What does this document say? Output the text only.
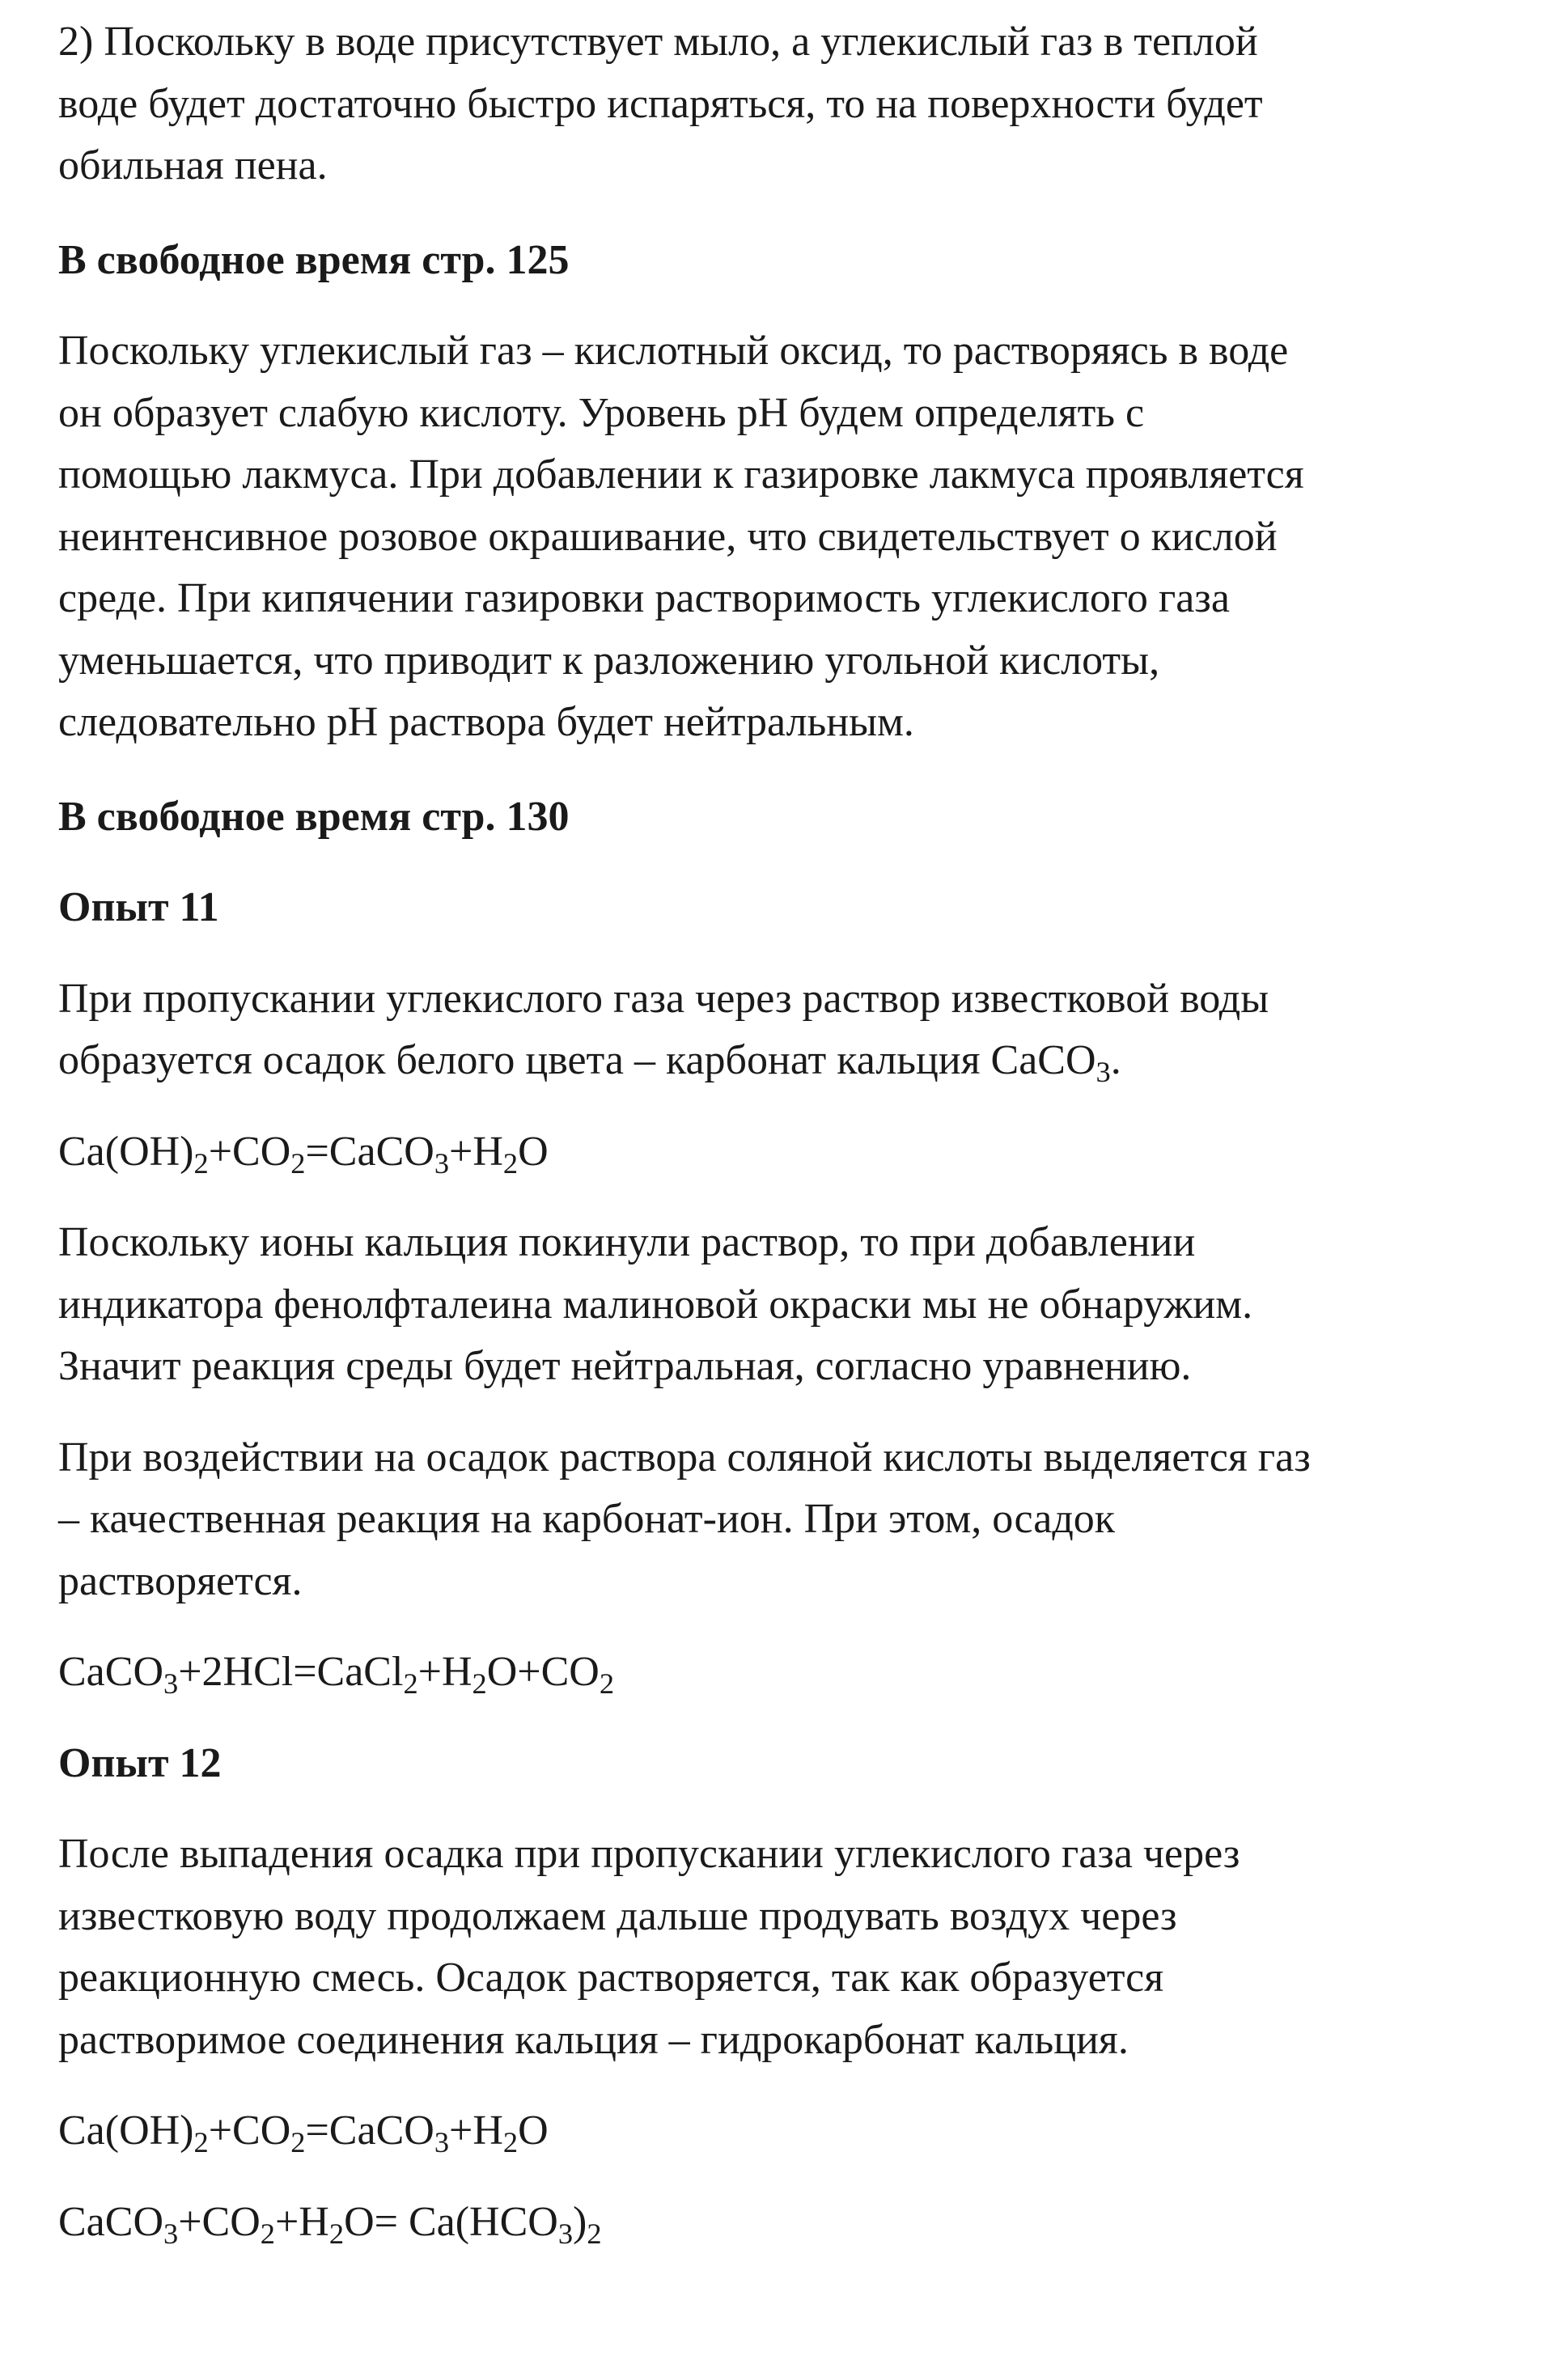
2) Поскольку в воде присутствует мыло, а углекислый газ в теплой
воде будет достаточно быстро испаряться, то на поверхности будет
обильная пена.

В свободное время стр. 125

Поскольку углекислый газ – кислотный оксид, то растворяясь в воде
он образует слабую кислоту. Уровень pH будем определять с
помощью лакмуса. При добавлении к газировке лакмуса проявляется
неинтенсивное розовое окрашивание, что свидетельствует о кислой
среде. При кипячении газировки растворимость углекислого газа
уменьшается, что приводит к разложению угольной кислоты,
следовательно pH раствора будет нейтральным.

В свободное время стр. 130

Опыт 11

При пропускании углекислого газа через раствор известковой воды
образуется осадок белого цвета – карбонат кальция CaCO$_3$.

$Ca(OH)_2+CO_2=CaCO_3+H_2O$

Поскольку ионы кальция покинули раствор, то при добавлении
индикатора фенолфталеина малиновой окраски мы не обнаружим.
Значит реакция среды будет нейтральная, согласно уравнению.

При воздействии на осадок раствора соляной кислоты выделяется газ
– качественная реакция на карбонат-ион. При этом, осадок
растворяется.

$CaCO_3+2HCl=CaCl_2+H_2O+CO_2$

Опыт 12

После выпадения осадка при пропускании углекислого газа через
известковую воду продолжаем дальше продувать воздух через
реакционную смесь. Осадок растворяется, так как образуется
растворимое соединения кальция – гидрокарбонат кальция.

$Ca(OH)_2+CO_2=CaCO_3+H_2O$

$CaCO_3+CO_2+H_2O= Ca(HCO_3)_2$
